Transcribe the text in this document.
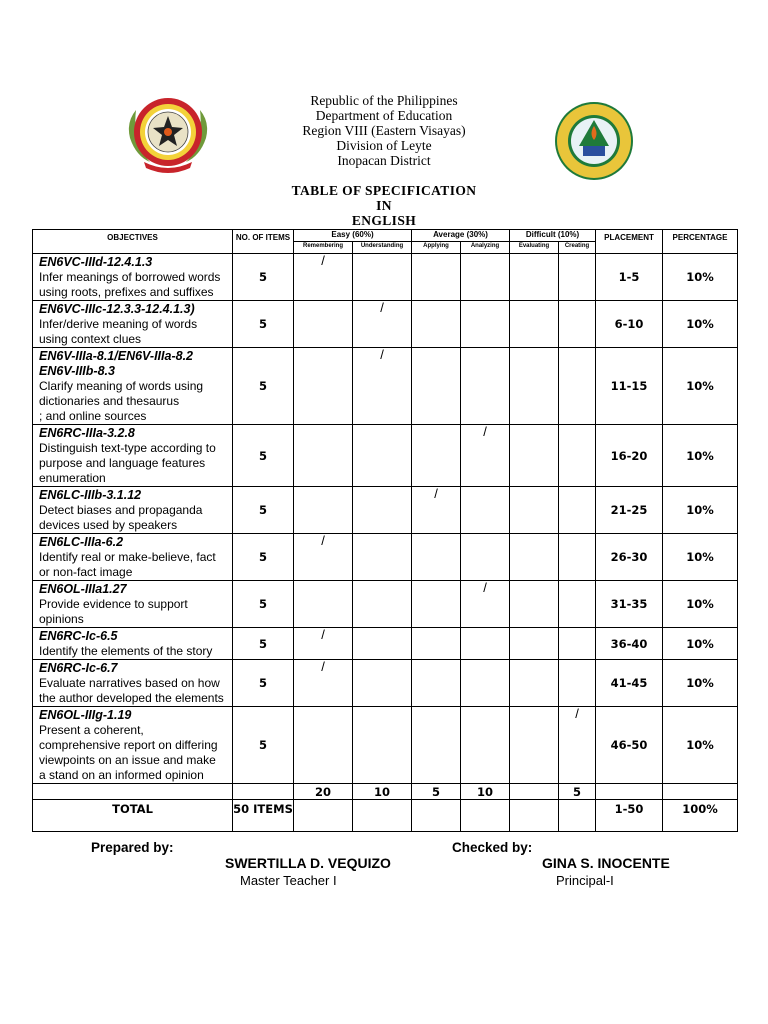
Republic of the Philippines
Department of Education
Region VIII (Eastern Visayas)
Division of Leyte
Inopacan District
TABLE OF SPECIFICATION
IN
ENGLISH
OBJECTIVES	NO. OF ITEMS	Easy (60%)		Average (30%)		Difficult (10%)		PLACEMENT	PERCENTAGE
		Remembering	Understanding	Applying	Analyzing	Evaluating	Creating		

EN6VC-IIId-12.4.1.3
Infer meanings of borrowed words
using roots, prefixes and suffixes	5	/						1-5	10%

EN6VC-IIIc-12.3.3-12.4.1.3)
Infer/derive meaning of words
using context clues	5		/					6-10	10%

EN6V-IIIa-8.1/EN6V-IIIa-8.2
EN6V-IIIb-8.3
Clarify meaning of words using
dictionaries and thesaurus
; and online sources	5		/					11-15	10%

EN6RC-IIIa-3.2.8
Distinguish text-type according to
purpose and language features
enumeration	5				/			16-20	10%

EN6LC-IIIb-3.1.12
Detect biases and propaganda
devices used by speakers	5			/				21-25	10%

EN6LC-IIIa-6.2
Identify real or make-believe, fact
or non-fact image	5	/						26-30	10%

EN6OL-IIIa1.27
Provide evidence to support
opinions	5				/			31-35	10%

EN6RC-Ic-6.5
Identify the elements of the story	5	/						36-40	10%

EN6RC-Ic-6.7
Evaluate narratives based on how
the author developed the elements	5	/						41-45	10%

EN6OL-IIIg-1.19
Present a coherent,
comprehensive report on differing
viewpoints on an issue and make
a stand on an informed opinion	5						/	46-50	10%
		20	10	5	10		5		
TOTAL	50 ITEMS							1-50	100%
Prepared by:
SWERTILLA D. VEQUIZO
Master Teacher I
Checked by:
GINA S. INOCENTE
Principal-I
